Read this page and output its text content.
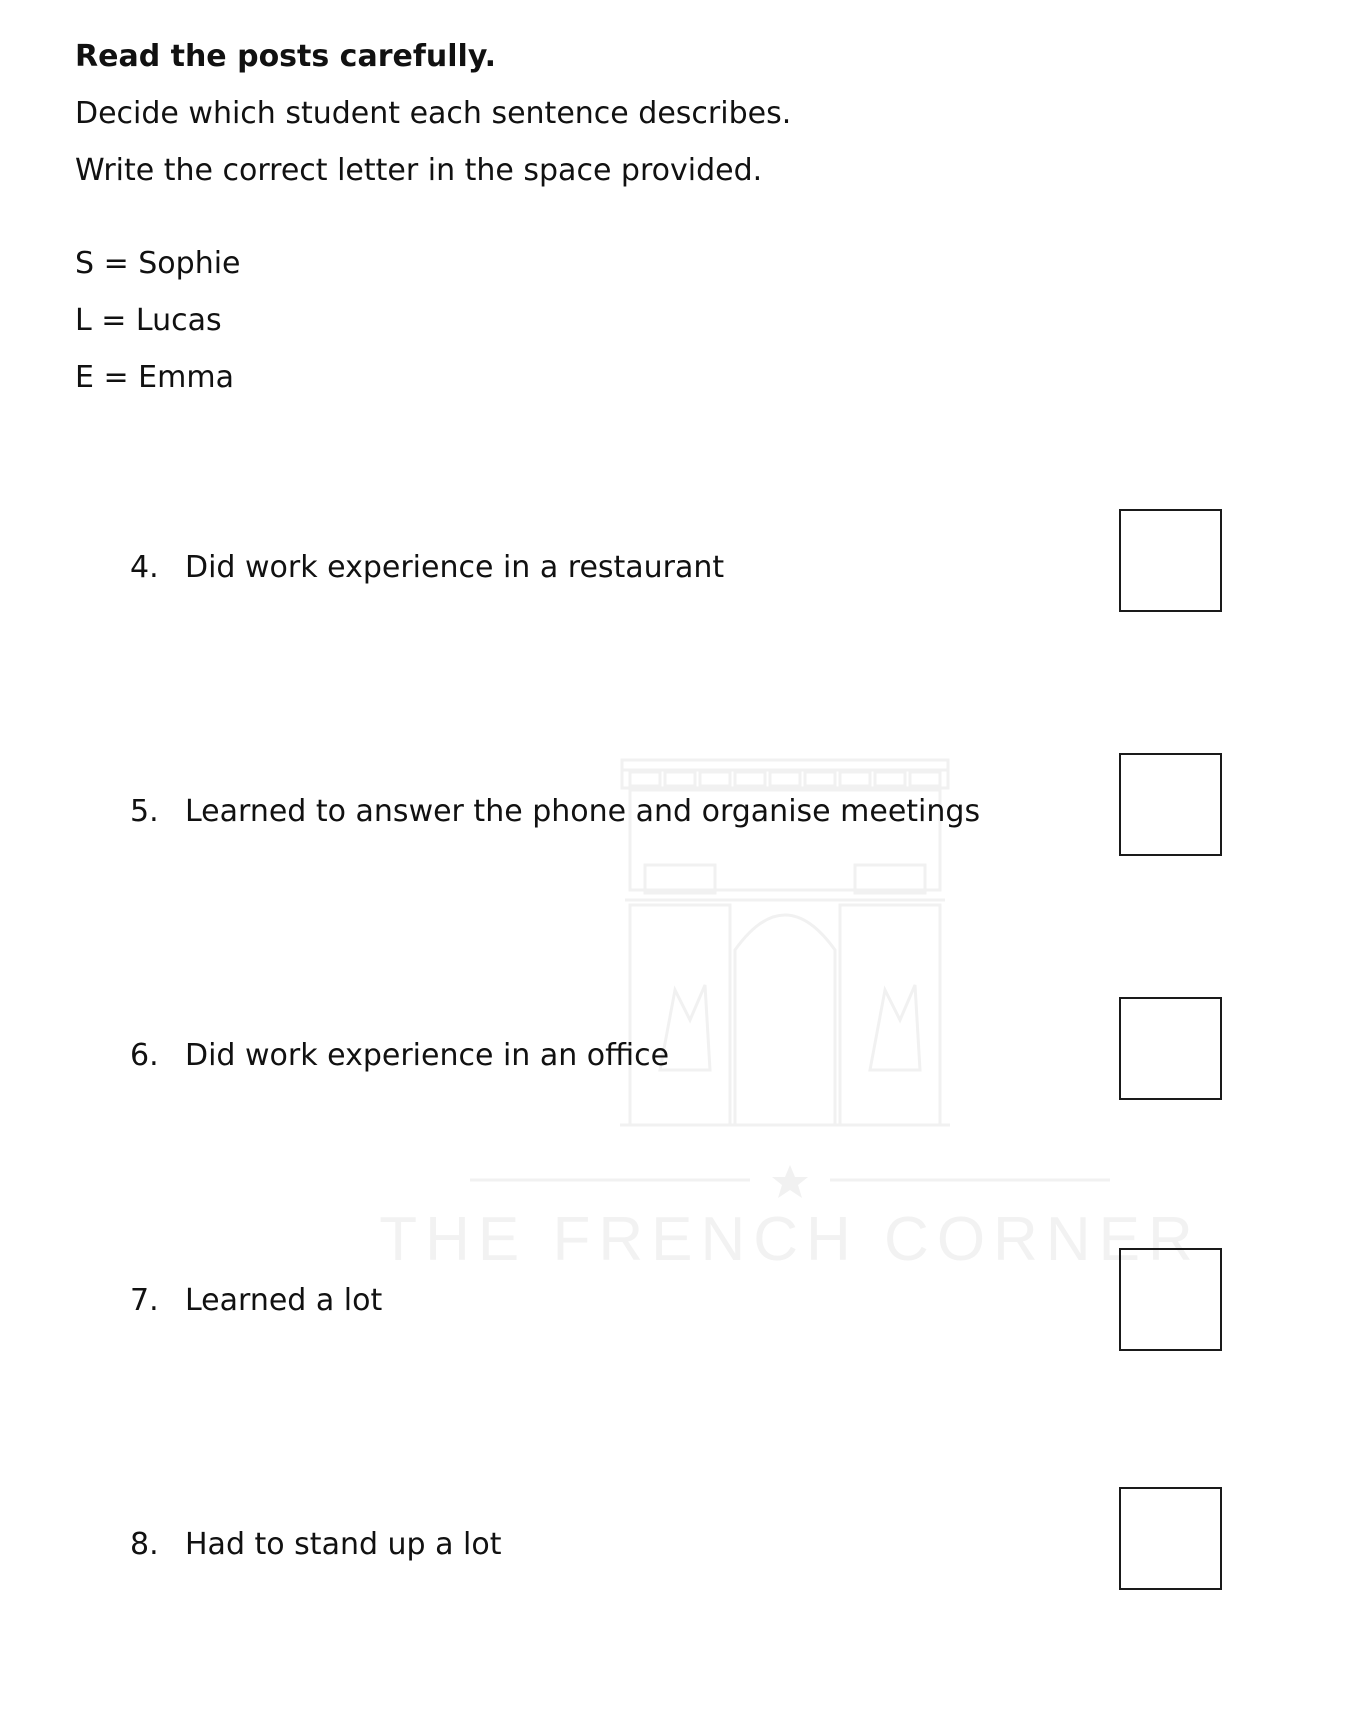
THE FRENCH CORNER
Read the posts carefully.
Decide which student each sentence describes.
Write the correct letter in the space provided.
S = Sophie
L = Lucas
E = Emma
4. Did work experience in a restaurant
5. Learned to answer the phone and organise meetings
6. Did work experience in an office
7. Learned a lot
8. Had to stand up a lot
